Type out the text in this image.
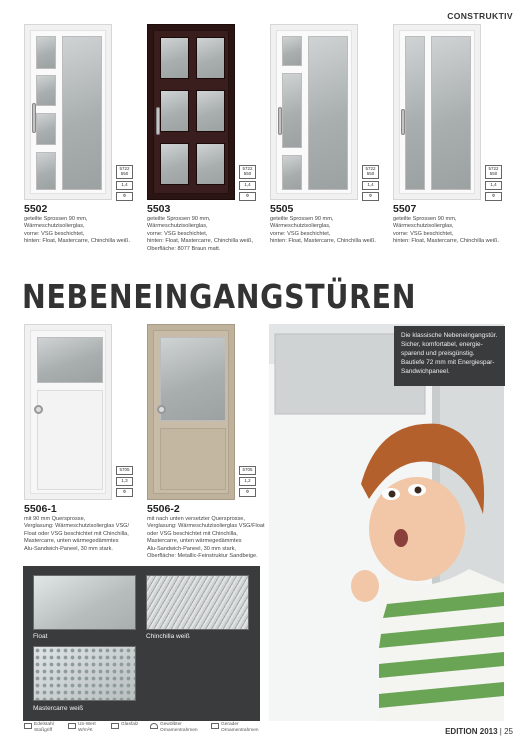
CONSTRUKTIV
5722 550
1,4
✲
5502
geteilte Sprossen 90 mm,
Wärmeschutzisolierglas,
vorne: VSG beschichtet,
hinten: Float, Mastercarre, Chinchilla weiß.
5722 550
1,4
✲
5503
geteilte Sprossen 90 mm,
Wärmeschutzisolierglas,
vorne: VSG beschichtet,
hinten: Float, Mastercarre, Chinchilla weiß,
Oberfläche: 8077 Braun matt.
5722 550
1,4
✲
5505
geteilte Sprossen 90 mm,
Wärmeschutzisolierglas,
vorne: VSG beschichtet,
hinten: Float, Mastercarre, Chinchilla weiß.
5722 550
1,4
✲
5507
geteilte Sprossen 90 mm,
Wärmeschutzisolierglas,
vorne: VSG beschichtet,
hinten: Float, Mastercarre, Chinchilla weiß.
NEBENEINGANGSTÜREN
5705
1,3
✲
5506-1
mit 90 mm Quersprosse,
Verglasung: Wärmeschutzisolierglas VSG/
Float oder VSG beschichtet mit Chinchilla,
Mastercarre, unten wärmegedämmtes
Alu-Sandwich-Paneel, 30 mm stark.
5705
1,2
✲
5506-2
mit nach unten versetzter Quersprosse,
Verglasung: Wärmeschutzisolierglas VSG/Float
oder VSG beschichtet mit Chinchilla,
Mastercarre, unten wärmegedämmtes
Alu-Sandwich-Paneel, 30 mm stark,
Oberfläche: Metallic-Feinstruktur Sandbeige.
Die klassische Nebeneingangstür.
Sicher, komfortabel, energie-
sparend und preisgünstig.
Bautiefe 72 mm mit Energiespar-
Sandwichpaneel.
Float	Chinchilla weiß
Mastercarre weiß
Edelstahl
Stoßgriff
Uᴅ-Wert
W/m²K
Glasfalz	Gewölbter
Ornamentrahmen
Gerader
Ornamentrahmen	EDITION 2013 | 25
